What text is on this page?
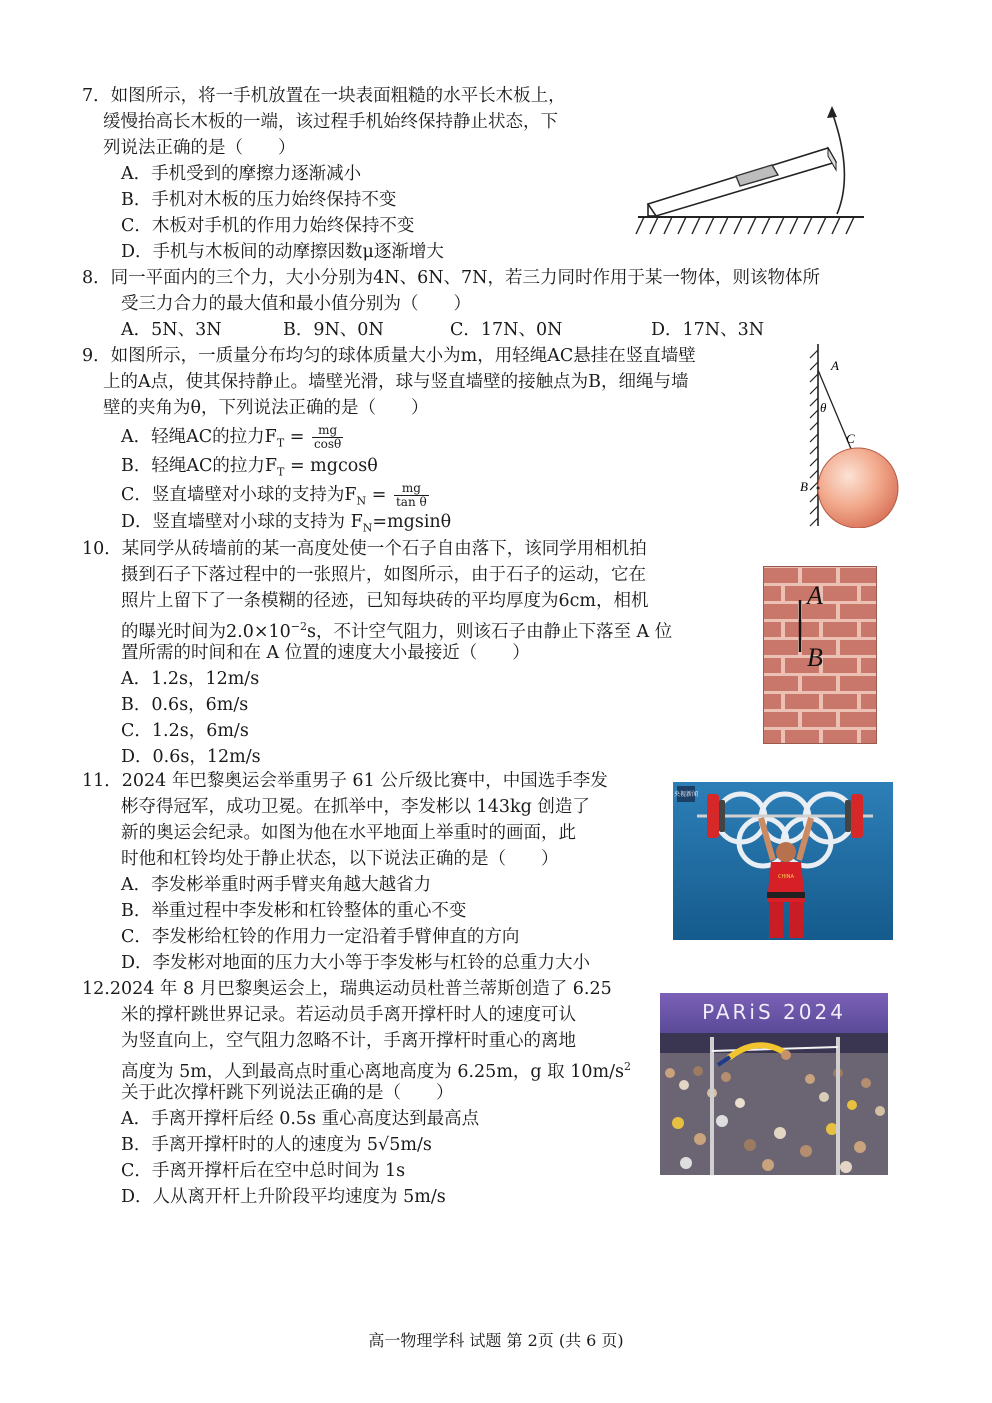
7．如图所示，将一手机放置在一块表面粗糙的水平长木板上，
缓慢抬高长木板的一端，该过程手机始终保持静止状态，下
列说法正确的是（　　）
A．手机受到的摩擦力逐渐减小
B．手机对木板的压力始终保持不变
C．木板对手机的作用力始终保持不变
D．手机与木板间的动摩擦因数μ逐渐增大
8．同一平面内的三个力，大小分别为4N、6N、7N，若三力同时作用于某一物体，则该物体所
受三力合力的最大值和最小值分别为（　　）
A．5N、3N	B．9N、0N	C．17N、0N	D．17N、3N
9．如图所示，一质量分布均匀的球体质量大小为m，用轻绳AC悬挂在竖直墙壁
上的A点，使其保持静止。墙壁光滑，球与竖直墙壁的接触点为B，细绳与墙
壁的夹角为θ，下列说法正确的是（　　）
A．轻绳AC的拉力$F_T = \frac{mg}{\cos\theta}$
B．轻绳AC的拉力$F_T = mgcos\theta$
C．竖直墙壁对小球的支持为$F_N = \frac{mg}{\text{tan θ}}$
D．竖直墙壁对小球的支持为 $F_N=mgsin\theta$
A
θ
C
B
10．某同学从砖墙前的某一高度处使一个石子自由落下，该同学用相机拍
摄到石子下落过程中的一张照片，如图所示，由于石子的运动，它在
照片上留下了一条模糊的径迹，已知每块砖的平均厚度为6cm，相机
的曝光时间为$2.0\times 10^{-2}s$，不计空气阻力，则该石子由静止下落至 A 位
置所需的时间和在 A 位置的速度大小最接近（　　）
A．1.2s，12m/s
B．0.6s，6m/s
C．1.2s，6m/s
D．0.6s，12m/s
A
B
11．2024 年巴黎奥运会举重男子 61 公斤级比赛中，中国选手李发
彬夺得冠军，成功卫冕。在抓举中，李发彬以 143kg 创造了
新的奥运会纪录。如图为他在水平地面上举重时的画面，此
时他和杠铃均处于静止状态，以下说法正确的是（　　）
A．李发彬举重时两手臂夹角越大越省力
B．举重过程中李发彬和杠铃整体的重心不变
C．李发彬给杠铃的作用力一定沿着手臂伸直的方向
D．李发彬对地面的压力大小等于李发彬与杠铃的总重力大小
央视新闻
CHINA
12.2024 年 8 月巴黎奥运会上，瑞典运动员杜普兰蒂斯创造了 6.25
米的撑杆跳世界记录。若运动员手离开撑杆时人的速度可认
为竖直向上，空气阻力忽略不计，手离开撑杆时重心的离地
高度为 5m，人到最高点时重心离地高度为 6.25m，g 取 $10m/s^2$
关于此次撑杆跳下列说法正确的是（　　）
A．手离开撑杆后经 0.5s 重心高度达到最高点
B．手离开撑杆时的人的速度为 5√5m/s
C．手离开撑杆后在空中总时间为 1s
D．人从离开杆上升阶段平均速度为 5m/s
PARiS 2024
高一物理学科 试题 第 2页 (共 6 页)
